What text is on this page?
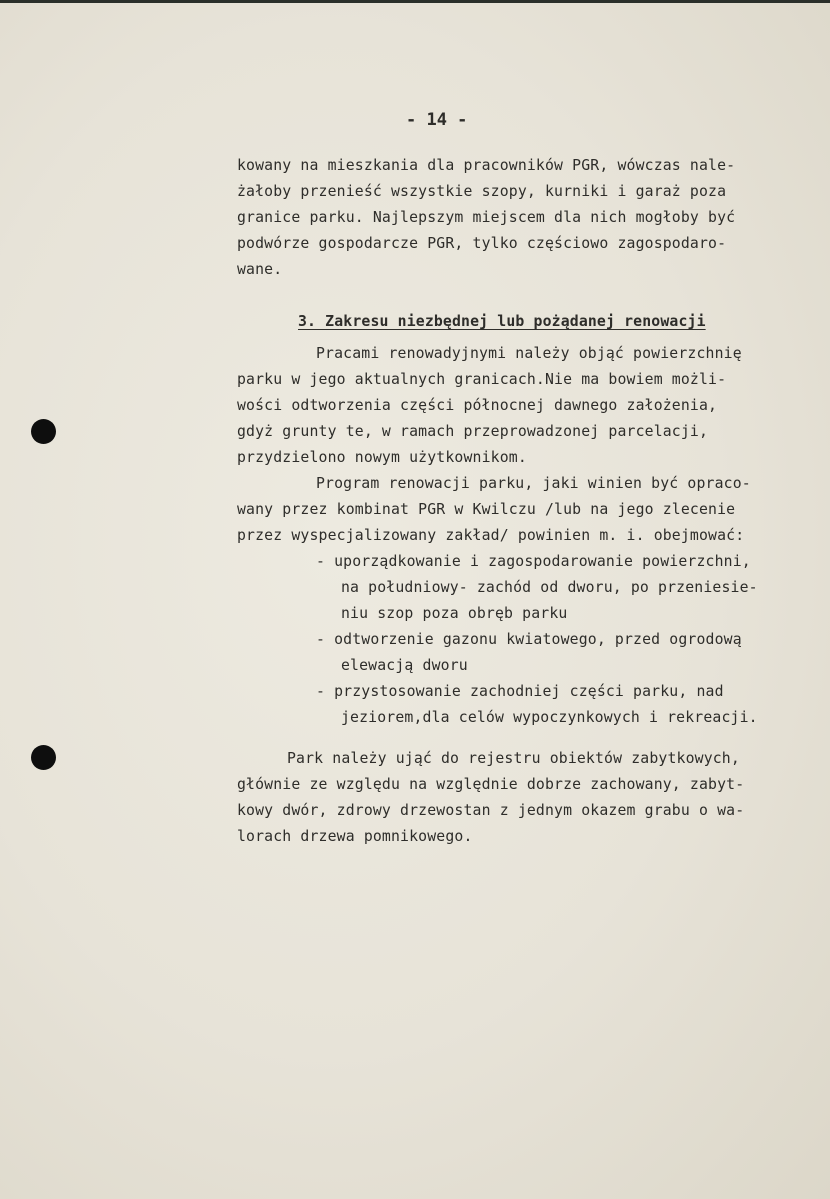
- 14 -
kowany na mieszkania dla pracowników PGR, wówczas nale-
żałoby przenieść wszystkie szopy, kurniki i garaż poza
granice parku. Najlepszym miejscem dla nich mogłoby być
podwórze gospodarcze PGR, tylko częściowo zagospodaro-
wane.
3. Zakresu niezbędnej lub pożądanej renowacji
Pracami renowadyjnymi należy objąć powierzchnię
parku w jego aktualnych granicach.Nie ma bowiem możli-
wości odtworzenia części północnej dawnego założenia,
gdyż grunty te, w ramach przeprowadzonej parcelacji,
przydzielono nowym użytkownikom.
Program renowacji parku, jaki winien być opraco-
wany przez kombinat PGR w Kwilczu /lub na jego zlecenie
przez wyspecjalizowany zakład/ powinien m. i. obejmować:
- uporządkowanie i zagospodarowanie powierzchni,
na południowy- zachód od dworu, po przeniesie-
niu szop poza obręb parku
- odtworzenie gazonu kwiatowego, przed ogrodową
elewacją dworu
- przystosowanie zachodniej części parku, nad
jeziorem,dla celów wypoczynkowych i rekreacji.
Park należy ująć do rejestru obiektów zabytkowych,
głównie ze względu na względnie dobrze zachowany, zabyt-
kowy dwór, zdrowy drzewostan z jednym okazem grabu o wa-
lorach drzewa pomnikowego.
